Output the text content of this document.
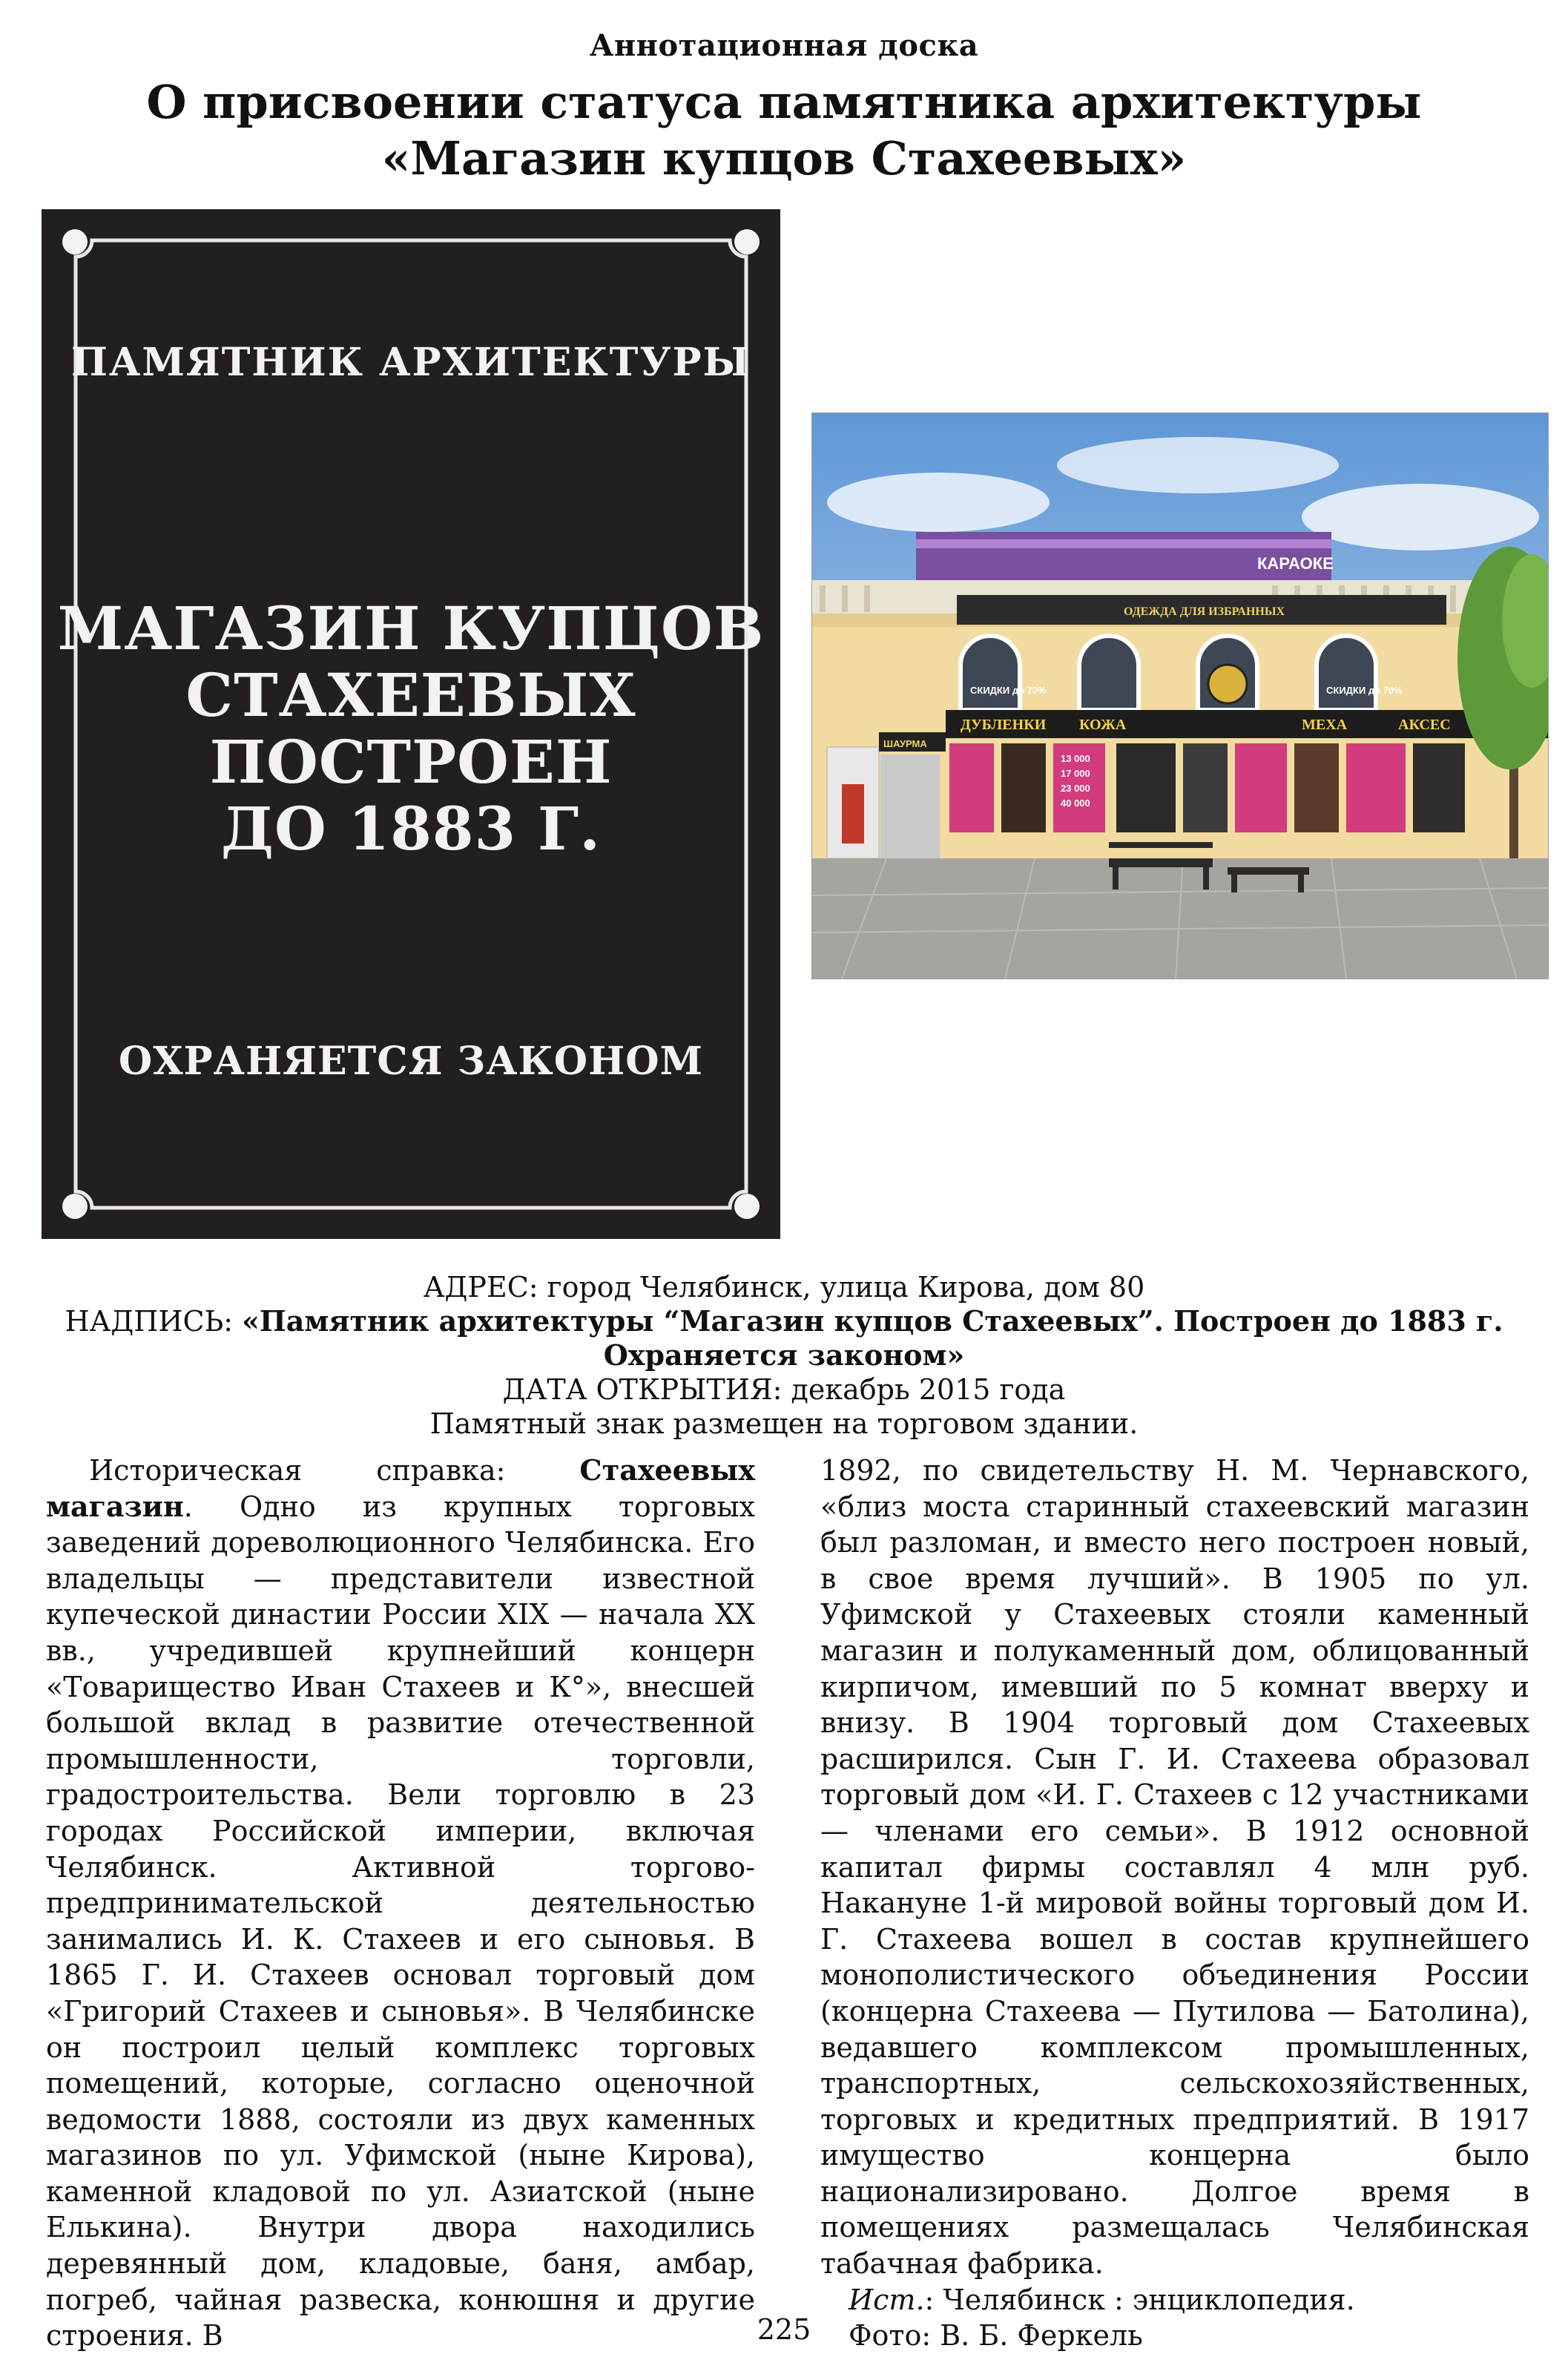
Аннотационная доска
О присвоении статуса памятника архитектуры
«Магазин купцов Стахеевых»
ПАМЯТНИК АРХИТЕКТУРЫ
МАГАЗИН КУПЦОВ
СТАХЕЕВЫХ
ПОСТРОЕН
ДО 1883 Г.
ОХРАНЯЕТСЯ ЗАКОНОМ
КАРАОКЕ
ОДЕЖДА ДЛЯ ИЗБРАННЫХ
СКИДКИ до 70%	СКИДКИ до 70%
ДУБЛЕНКИ КОЖА	МЕХА	АКСЕС
13 000
17 000
23 000
40 000
ШАУРМА
АДРЕС: город Челябинск, улица Кирова, дом 80
НАДПИСЬ: «Памятник архитектуры “Магазин купцов Стахеевых”. Построен до 1883 г.
Охраняется законом»
ДАТА ОТКРЫТИЯ: декабрь 2015 года
Памятный знак размещен на торговом здании.

Историческая справка: Стахеевых магазин. Одно из крупных торговых заведений дореволюционного Челябинска. Его владельцы — представители известной купеческой династии России XIX — начала XX вв., учредившей крупнейший концерн «Товарищество Иван Стахеев и К°», внесшей большой вклад в развитие отечественной промышленности, торговли, градостроительства. Вели торговлю в 23 городах Российской империи, включая Челябинск. Активной торгово-предпринимательской деятельностью занимались И. К. Стахеев и его сыновья. В 1865 Г. И. Стахеев основал торговый дом «Григорий Стахеев и сыновья». В Челябинске он построил целый комплекс торговых помещений, которые, согласно оценочной ведомости 1888, состояли из двух каменных магазинов по ул. Уфимской (ныне Кирова), каменной кладовой по ул. Азиатской (ныне Елькина). Внутри двора находились деревянный дом, кладовые, баня, амбар, погреб, чайная развеска, конюшня и другие строения. В

1892, по свидетельству Н. М. Чернавского, «близ моста старинный стахеевский магазин был разломан, и вместо него построен новый, в свое время лучший». В 1905 по ул. Уфимской у Стахеевых стояли каменный магазин и полукаменный дом, облицованный кирпичом, имевший по 5 комнат вверху и внизу. В 1904 торговый дом Стахеевых расширился. Сын Г. И. Стахеева образовал торговый дом «И. Г. Стахеев с 12 участниками — членами его семьи». В 1912 основной капитал фирмы составлял 4 млн руб. Накануне 1-й мировой войны торговый дом И. Г. Стахеева вошел в состав крупнейшего монополистического объединения России (концерна Стахеева — Путилова — Батолина), ведавшего комплексом промышленных, транспортных, сельскохозяйственных, торговых и кредитных предприятий. В 1917 имущество концерна было национализировано. Долгое время в помещениях размещалась Челябинская табачная фабрика.

Ист.: Челябинск : энциклопедия.

Фото: В. Б. Феркель

225
